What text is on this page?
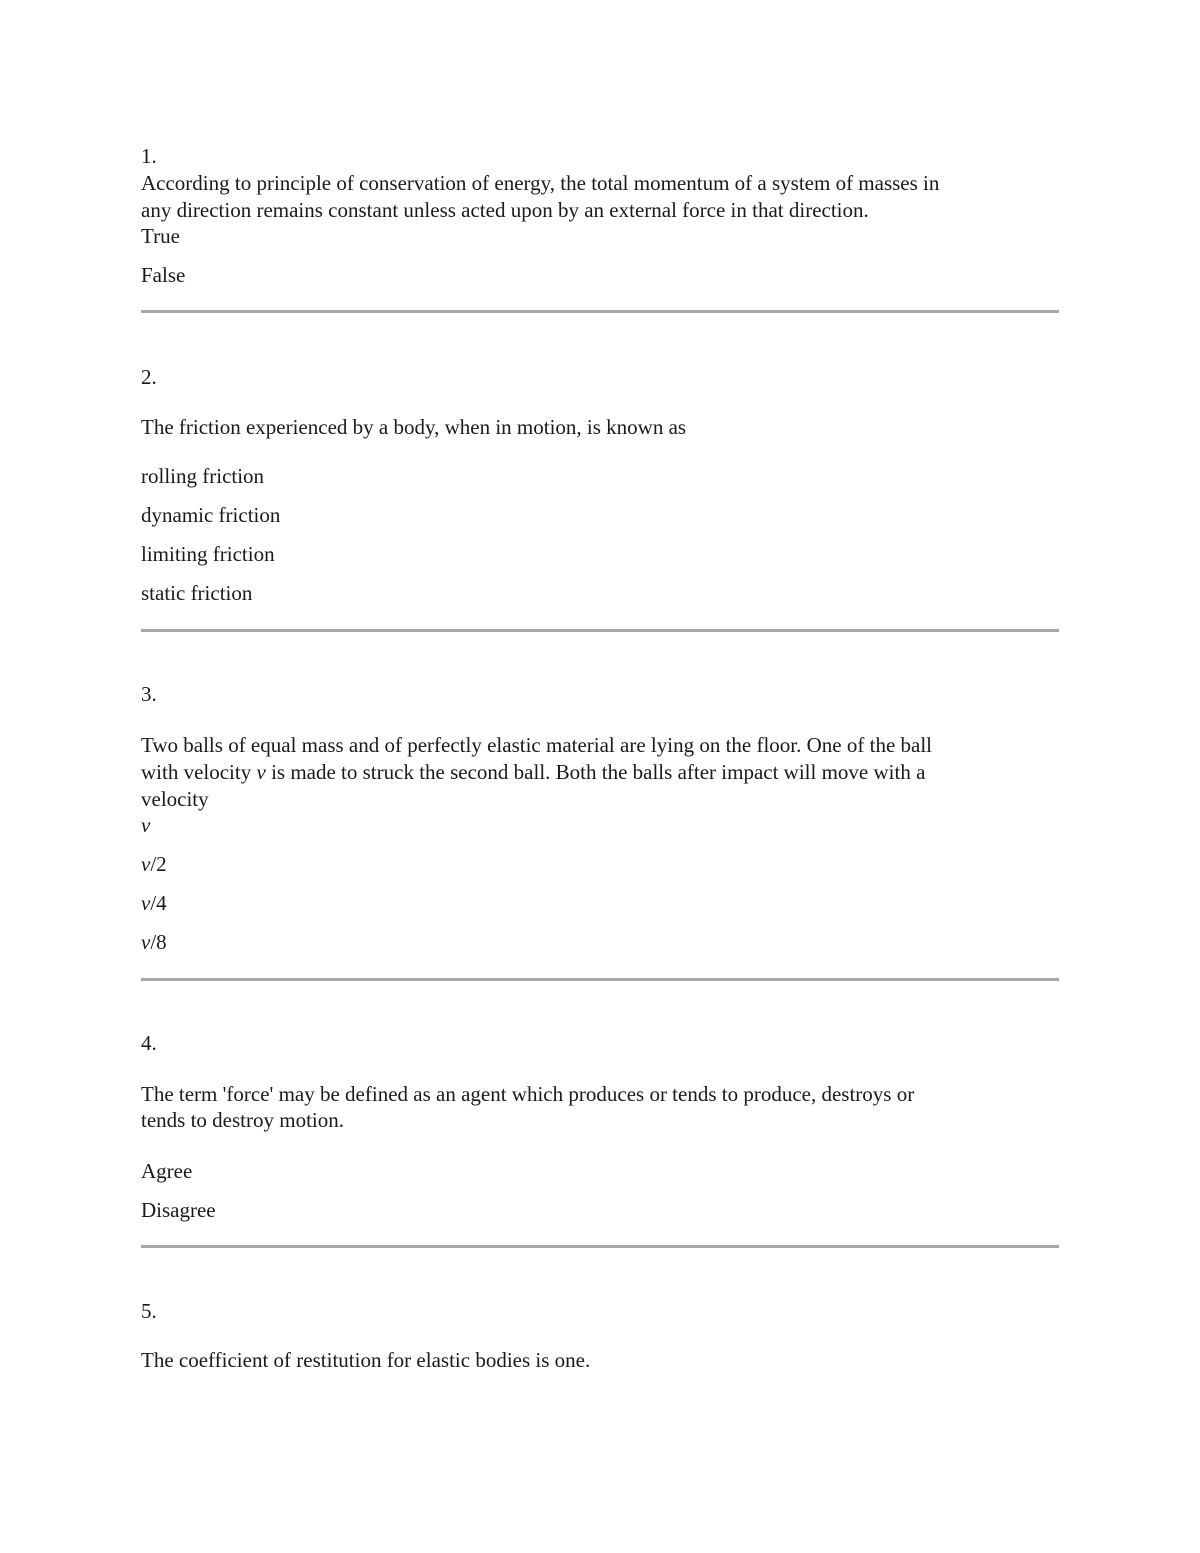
1.
According to principle of conservation of energy, the total momentum of a system of masses in
any direction remains constant unless acted upon by an external force in that direction.
True
False
2.
The friction experienced by a body, when in motion, is known as
rolling friction
dynamic friction
limiting friction
static friction
3.
Two balls of equal mass and of perfectly elastic material are lying on the floor. One of the ball
with velocity v is made to struck the second ball. Both the balls after impact will move with a
velocity
v
v/2
v/4
v/8
4.
The term 'force' may be defined as an agent which produces or tends to produce, destroys or
tends to destroy motion.
Agree
Disagree
5.
The coefficient of restitution for elastic bodies is one.
